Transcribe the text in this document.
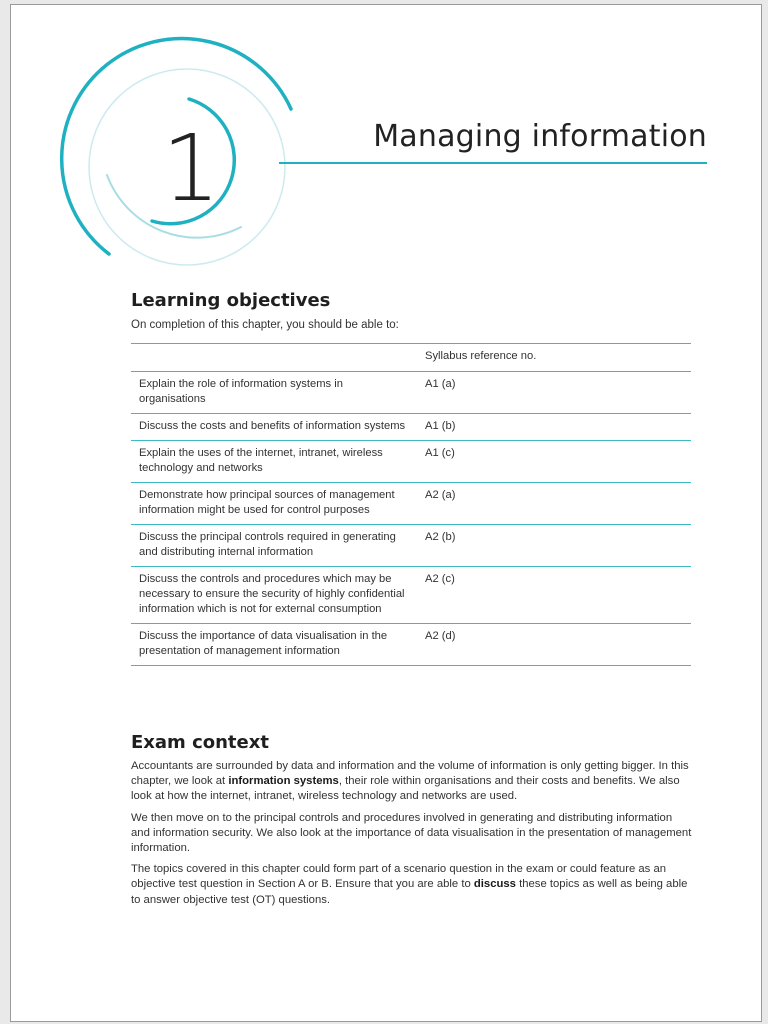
1	Managing information
Learning objectives
On completion of this chapter, you should be able to:
	Syllabus reference no.
Explain the role of information systems in organisations	A1 (a)
Discuss the costs and benefits of information systems	A1 (b)
Explain the uses of the internet, intranet, wireless technology and networks	A1 (c)
Demonstrate how principal sources of management information might be used for control purposes	A2 (a)
Discuss the principal controls required in generating and distributing internal information	A2 (b)
Discuss the controls and procedures which may be necessary to ensure the security of highly confidential information which is not for external consumption	A2 (c)
Discuss the importance of data visualisation in the presentation of management information	A2 (d)
Exam context

Accountants are surrounded by data and information and the volume of information is only getting bigger. In this chapter, we look at information systems, their role within organisations and their costs and benefits. We also look at how the internet, intranet, wireless technology and networks are used.

We then move on to the principal controls and procedures involved in generating and distributing information and information security. We also look at the importance of data visualisation in the presentation of management information.

The topics covered in this chapter could form part of a scenario question in the exam or could feature as an objective test question in Section A or B. Ensure that you are able to discuss these topics as well as being able to answer objective test (OT) questions.
